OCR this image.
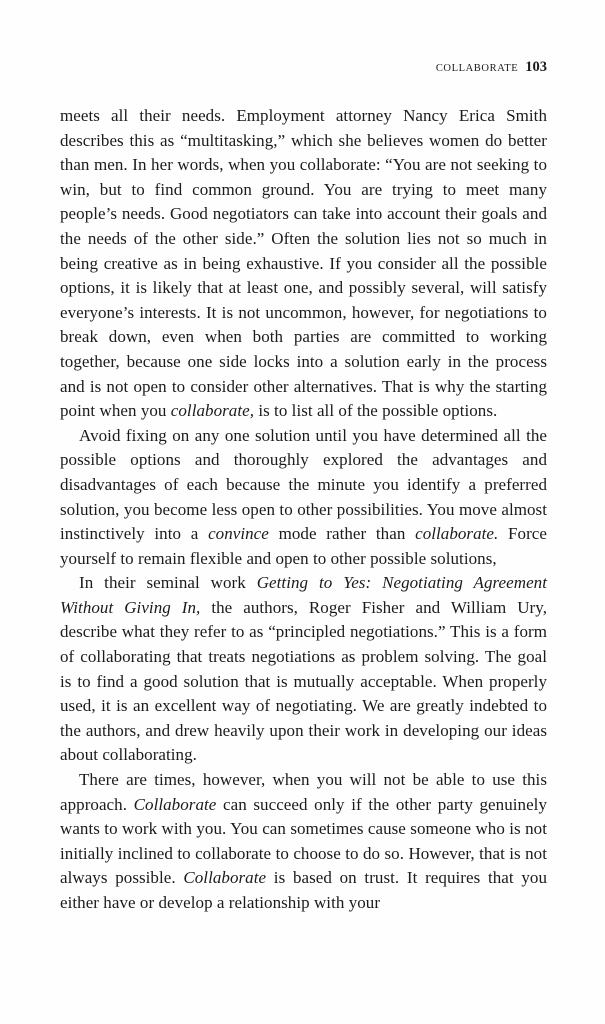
COLLABORATE 103

meets all their needs. Employment attorney Nancy Erica Smith describes this as “multitasking,” which she believes women do better than men. In her words, when you collaborate: “You are not seeking to win, but to find common ground. You are trying to meet many people’s needs. Good negotiators can take into account their goals and the needs of the other side.” Often the solution lies not so much in being creative as in being exhaustive. If you consider all the possible options, it is likely that at least one, and possibly several, will satisfy everyone’s interests. It is not uncommon, however, for negotiations to break down, even when both parties are committed to working together, because one side locks into a solution early in the process and is not open to consider other alternatives. That is why the starting point when you collaborate, is to list all of the possible options.

Avoid fixing on any one solution until you have determined all the possible options and thoroughly explored the advantages and disadvantages of each because the minute you identify a preferred solution, you become less open to other possibilities. You move almost instinctively into a convince mode rather than collaborate. Force yourself to remain flexible and open to other possible solutions,

In their seminal work Getting to Yes: Negotiating Agreement Without Giving In, the authors, Roger Fisher and William Ury, describe what they refer to as “principled negotiations.” This is a form of collaborating that treats negotiations as problem solving. The goal is to find a good solution that is mutually acceptable. When properly used, it is an excellent way of negotiating. We are greatly indebted to the authors, and drew heavily upon their work in developing our ideas about collaborating.

There are times, however, when you will not be able to use this approach. Collaborate can succeed only if the other party genuinely wants to work with you. You can sometimes cause someone who is not initially inclined to collaborate to choose to do so. However, that is not always possible. Collaborate is based on trust. It requires that you either have or develop a relationship with your
